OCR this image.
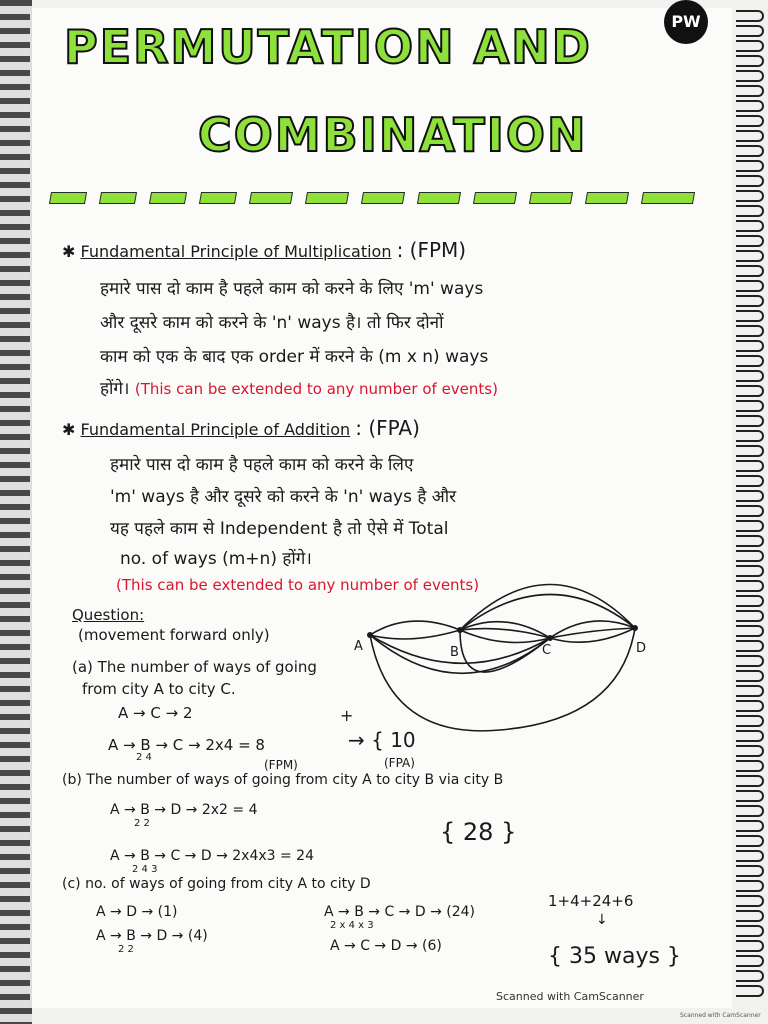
PW
PERMUTATION AND
COMBINATION
✱ Fundamental Principle of Multiplication : (FPM)
हमारे पास दो काम है पहले काम को करने के लिए 'm' ways
और दूसरे काम को करने के 'n' ways है। तो फिर दोनों
काम को एक के बाद एक order में करने के (m x n) ways
होंगे। (This can be extended to any number of events)
✱ Fundamental Principle of Addition : (FPA)
हमारे पास दो काम है पहले काम को करने के लिए
'm' ways है और दूसरे को करने के 'n' ways है और
यह पहले काम से Independent है तो ऐसे में Total
no. of ways (m+n) होंगे।
(This can be extended to any number of events)
Question:
(movement forward only)
A	B	C	D
(a) The number of ways of going
from city A to city C.
A → C → 2	+
A → B → C → 2x4 = 8
2 4
→ { 10
(FPM)	(FPA)
(b) The number of ways of going from city A to city B via city B
A → B → D → 2x2 = 4
2 2
A → B → C → D → 2x4x3 = 24
2 4 3
{ 28 }
(c) no. of ways of going from city A to city D
A → D → (1)
A → B → D → (4)
2 2
A → B → C → D → (24)
2 x 4 x 3
A → C → D → (6)
1+4+24+6
↓
{ 35 ways }
Scanned with CamScanner
Scanned with CamScanner
